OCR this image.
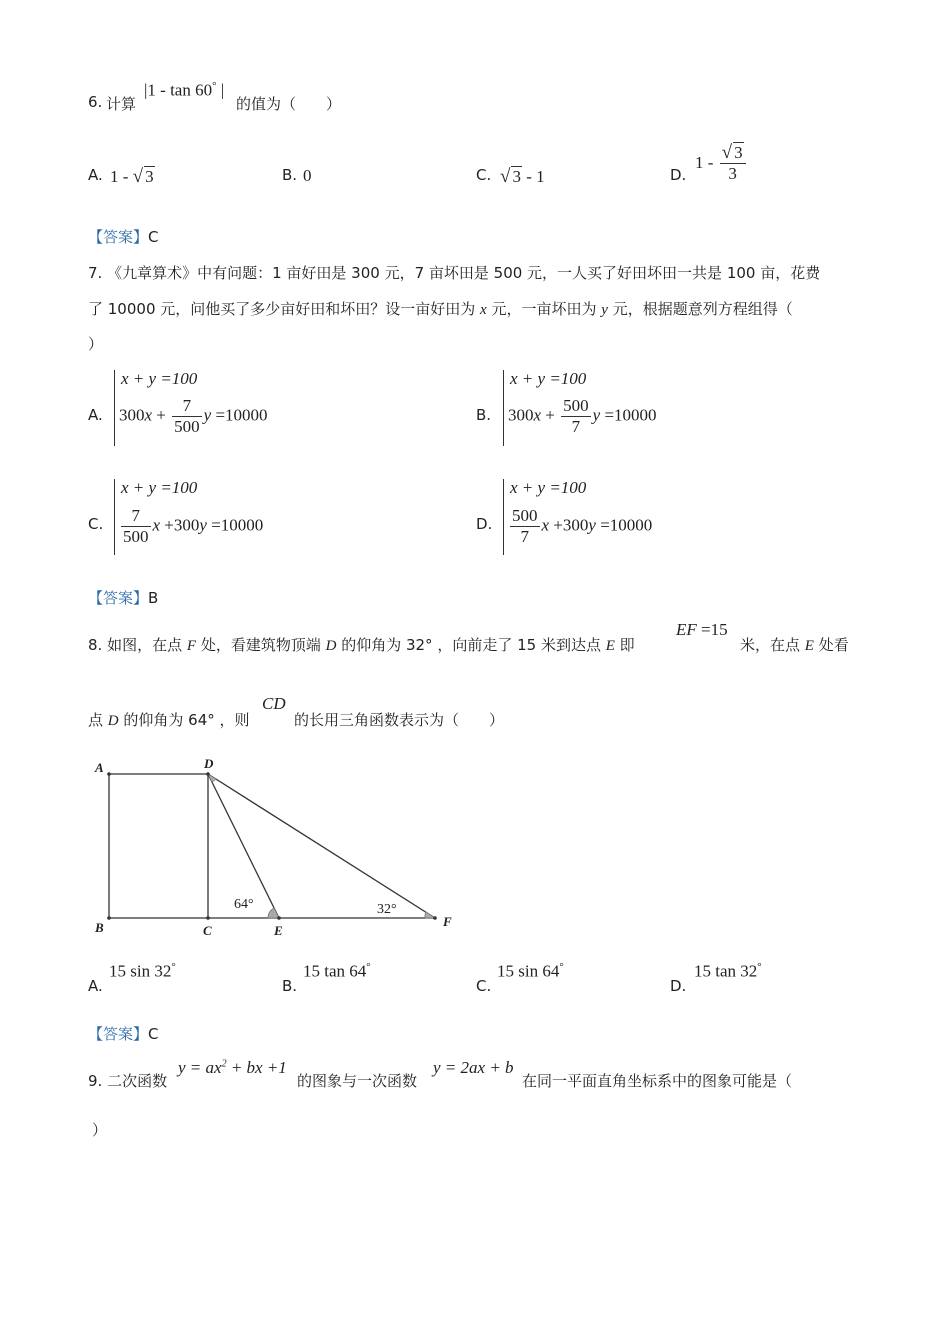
6. 计算
|1 - tan 60° |
的值为（　　）
A. 1 - √ 3	B. 0	C. √ 3 - 1	D.
$1 - \frac{√ 3}{3}$
【答案】C
7. 《九章算术》中有问题：1 亩好田是 300 元，7 亩坏田是 500 元，一人买了好田坏田一共是 100 亩，花费
了 10000 元，问他买了多少亩好田和坏田？设一亩好田为 x 元，一亩坏田为 y 元，根据题意列方程组得（
）
A.
x + y =100
$300x + \frac{7}{500}$ y =10000	B.
x + y =100
$300x + \frac{500}{7}$ y =10000
C.
x + y =100
$\frac{7}{500}$ x +300y =10000	D.
x + y =100
$\frac{500}{7}$ x +300y =10000
【答案】B
8. 如图，在点 F 处，看建筑物顶端 D 的仰角为 32° ，向前走了 15 米到达点 E 即
EF =15
米，在点 E 处看
点 D 的仰角为 64° ，则
CD
的长用三角函数表示为（　　）
A	D
B	C	E
F
64°	32°
A.
15 sin 32°
B.
15 tan 64°
C.
15 sin 64°
D.
15 tan 32°
【答案】C
9. 二次函数
$y = ax^2$ + bx +1
的图象与一次函数
y = 2ax + b
在同一平面直角坐标系中的图象可能是（
）
